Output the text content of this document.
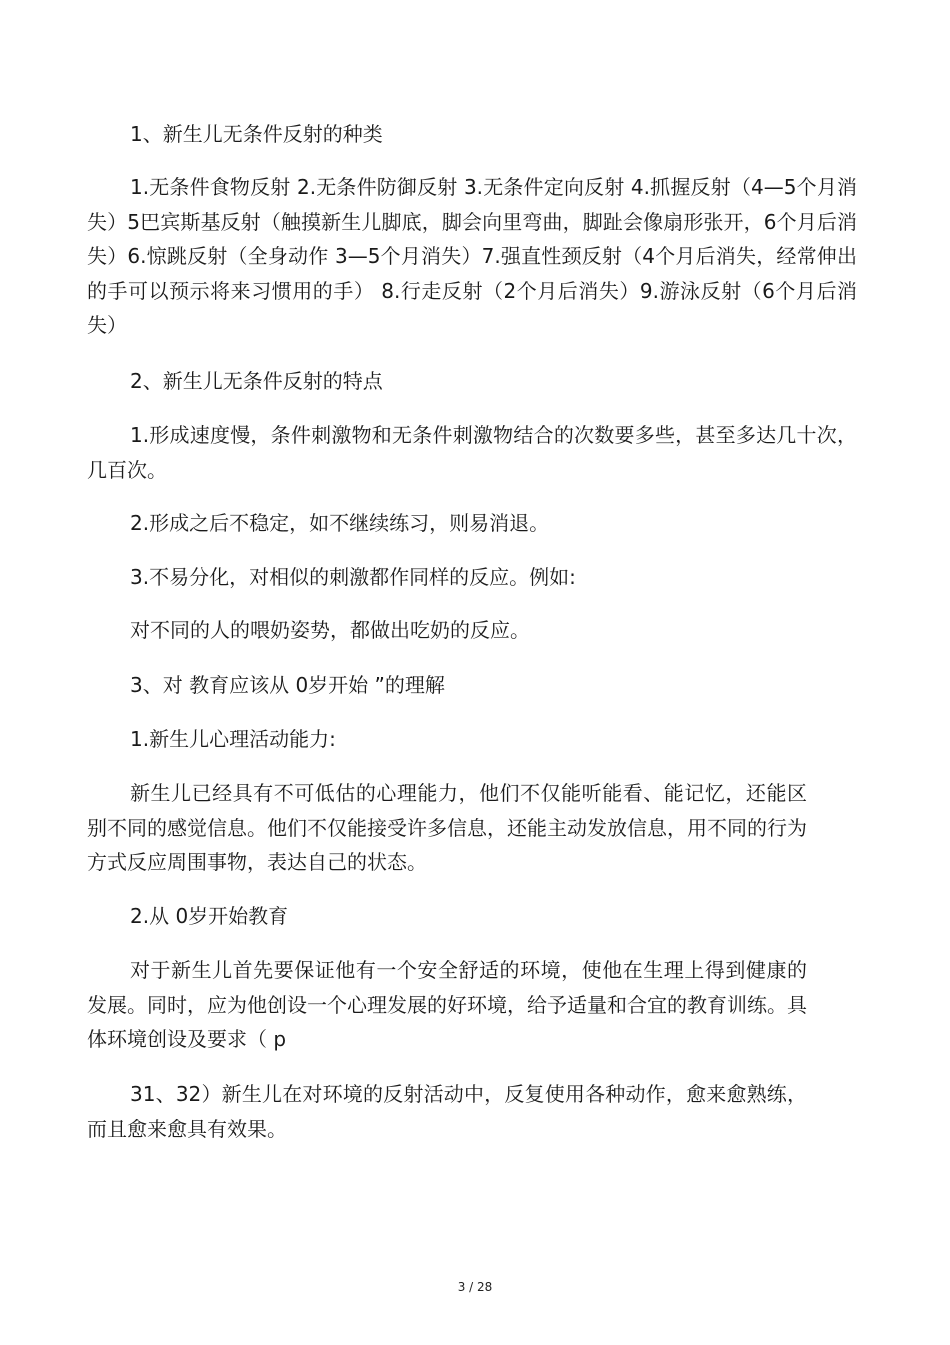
1、新生儿无条件反射的种类

1.无条件食物反射 2.无条件防御反射 3.无条件定向反射 4.抓握反射（4—5个月消失）5巴宾斯基反射（触摸新生儿脚底，脚会向里弯曲，脚趾会像扇形张开，6个月后消失）6.惊跳反射（全身动作 3—5个月消失）7.强直性颈反射（4个月后消失，经常伸出的手可以预示将来习惯用的手） 8.行走反射（2个月后消失）9.游泳反射（6个月后消失）

2、新生儿无条件反射的特点

1.形成速度慢，条件刺激物和无条件刺激物结合的次数要多些，甚至多达几十次，几百次。

2.形成之后不稳定，如不继续练习，则易消退。

3.不易分化，对相似的刺激都作同样的反应。例如:

对不同的人的喂奶姿势，都做出吃奶的反应。

3、对 教育应该从 0岁开始 ”的理解

1.新生儿心理活动能力:

新生儿已经具有不可低估的心理能力，他们不仅能听能看、能记忆，还能区别不同的感觉信息。他们不仅能接受许多信息，还能主动发放信息，用不同的行为方式反应周围事物，表达自己的状态。

2.从 0岁开始教育

对于新生儿首先要保证他有一个安全舒适的环境，使他在生理上得到健康的发展。同时，应为他创设一个心理发展的好环境，给予适量和合宜的教育训练。具体环境创设及要求（ p

31、32）新生儿在对环境的反射活动中，反复使用各种动作，愈来愈熟练，而且愈来愈具有效果。

3 / 28
